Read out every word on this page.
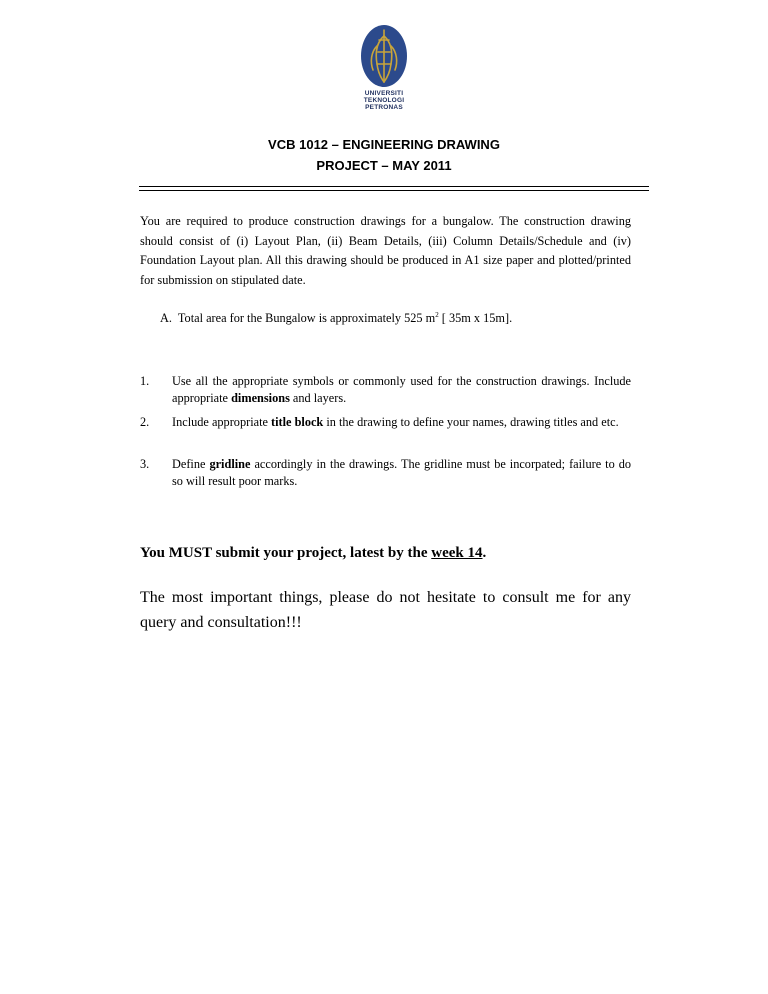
UNIVERSITI
TEKNOLOGI
PETRONAS
VCB 1012 – ENGINEERING DRAWING
PROJECT – MAY 2011
You are required to produce construction drawings for a bungalow. The construction drawing should consist of (i) Layout Plan, (ii) Beam Details, (iii) Column Details/Schedule and (iv) Foundation Layout plan. All this drawing should be produced in A1 size paper and plotted/printed for submission on stipulated date.
A. Total area for the Bungalow is approximately 525 $m^2$ [ 35m x 15m].
1. Use all the appropriate symbols or commonly used for the construction drawings. Include appropriate dimensions and layers.
2. Include appropriate title block in the drawing to define your names, drawing titles and etc.
3. Define gridline accordingly in the drawings. The gridline must be incorpated; failure to do so will result poor marks.
You MUST submit your project, latest by the week 14.
The most important things, please do not hesitate to consult me for any query and consultation!!!
